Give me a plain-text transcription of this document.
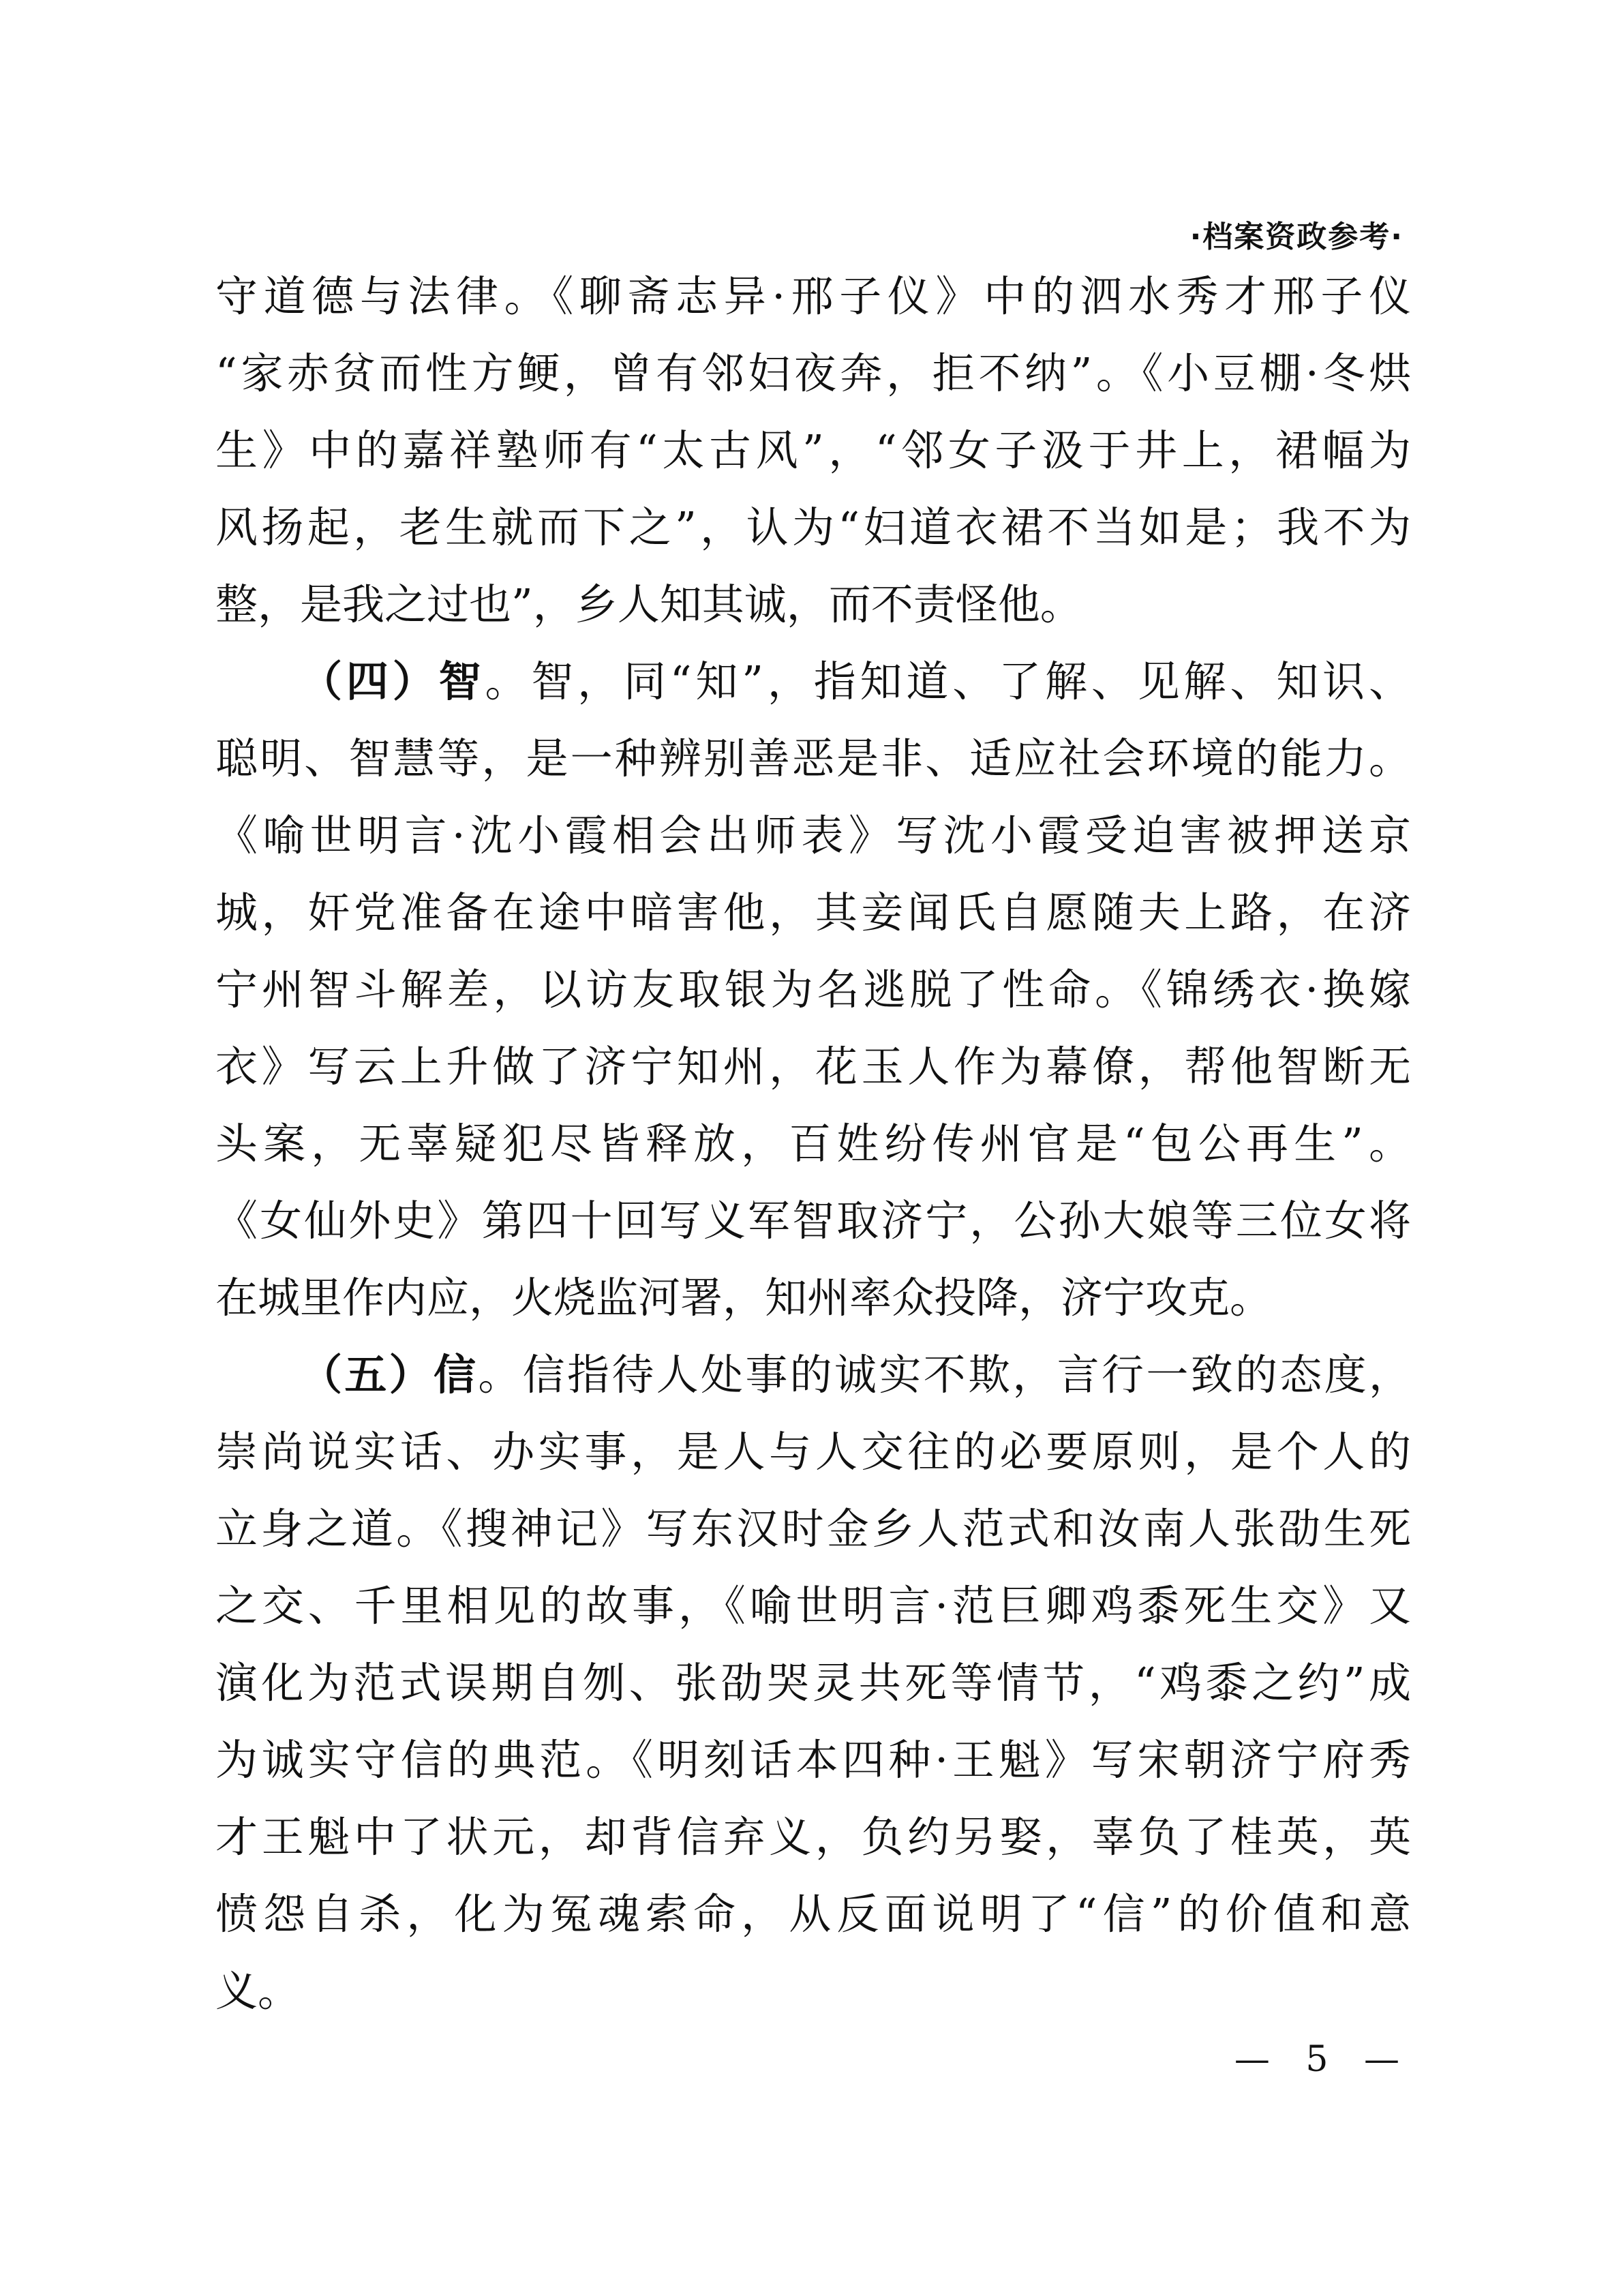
·档案资政参考·
守道德与法律。《聊斋志异·邢子仪》中的泗水秀才邢子仪
“家赤贫而性方鲠，曾有邻妇夜奔，拒不纳”。《小豆棚·冬烘
生》中的嘉祥塾师有“太古风”，“邻女子汲于井上，裙幅为
风扬起，老生就而下之”，认为“妇道衣裙不当如是；我不为
整，是我之过也”，乡人知其诚，而不责怪他。
（四）智。智，同“知”，指知道、了解、见解、知识、
聪明、智慧等，是一种辨别善恶是非、适应社会环境的能力。
《喻世明言·沈小霞相会出师表》写沈小霞受迫害被押送京
城，奸党准备在途中暗害他，其妾闻氏自愿随夫上路，在济
宁州智斗解差，以访友取银为名逃脱了性命。《锦绣衣·换嫁
衣》写云上升做了济宁知州，花玉人作为幕僚，帮他智断无
头案，无辜疑犯尽皆释放，百姓纷传州官是“包公再生”。
《女仙外史》第四十回写义军智取济宁，公孙大娘等三位女将
在城里作内应，火烧监河署，知州率众投降，济宁攻克。
（五）信。信指待人处事的诚实不欺，言行一致的态度，
崇尚说实话、办实事，是人与人交往的必要原则，是个人的
立身之道。《搜神记》写东汉时金乡人范式和汝南人张劭生死
之交、千里相见的故事，《喻世明言·范巨卿鸡黍死生交》又
演化为范式误期自刎、张劭哭灵共死等情节，“鸡黍之约”成
为诚实守信的典范。《明刻话本四种·王魁》写宋朝济宁府秀
才王魁中了状元，却背信弃义，负约另娶，辜负了桂英，英
愤怨自杀，化为冤魂索命，从反面说明了“信”的价值和意
义。
— 5 —
